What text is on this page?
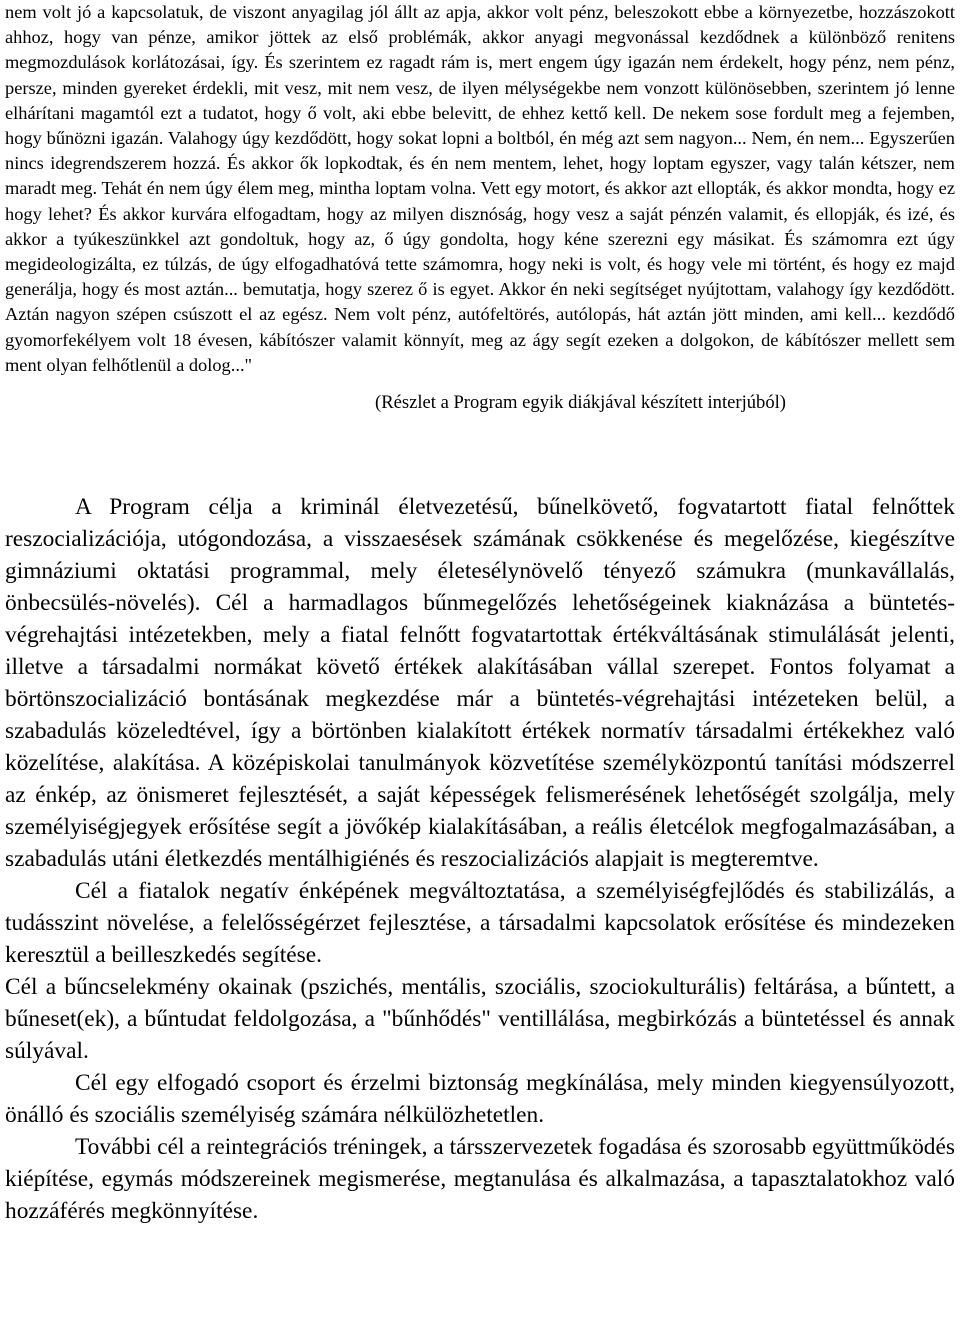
nem volt jó a kapcsolatuk, de viszont anyagilag jól állt az apja, akkor volt pénz, beleszokott ebbe a környezetbe, hozzászokott ahhoz, hogy van pénze, amikor jöttek az első problémák, akkor anyagi megvonással kezdődnek a különböző renitens megmozdulások korlátozásai, így. És szerintem ez ragadt rám is, mert engem úgy igazán nem érdekelt, hogy pénz, nem pénz, persze, minden gyereket érdekli, mit vesz, mit nem vesz, de ilyen mélységekbe nem vonzott különösebben, szerintem jó lenne elhárítani magamtól ezt a tudatot, hogy ő volt, aki ebbe belevitt, de ehhez kettő kell. De nekem sose fordult meg a fejemben, hogy bűnözni igazán. Valahogy úgy kezdődött, hogy sokat lopni a boltból, én még azt sem nagyon... Nem, én nem... Egyszerűen nincs idegrendszerem hozzá. És akkor ők lopkodtak, és én nem mentem, lehet, hogy loptam egyszer, vagy talán kétszer, nem maradt meg. Tehát én nem úgy élem meg, mintha loptam volna. Vett egy motort, és akkor azt ellopták, és akkor mondta, hogy ez hogy lehet? És akkor kurvára elfogadtam, hogy az milyen disznóság, hogy vesz a saját pénzén valamit, és ellopják, és izé, és akkor a tyúkeszünkkel azt gondoltuk, hogy az, ő úgy gondolta, hogy kéne szerezni egy másikat. És számomra ezt úgy megideologizálta, ez túlzás, de úgy elfogadhatóvá tette számomra, hogy neki is volt, és hogy vele mi történt, és hogy ez majd generálja, hogy és most aztán... bemutatja, hogy szerez ő is egyet. Akkor én neki segítséget nyújtottam, valahogy így kezdődött. Aztán nagyon szépen csúszott el az egész. Nem volt pénz, autófeltörés, autólopás, hát aztán jött minden, ami kell... kezdődő gyomorfekélyem volt 18 évesen, kábítószer valamit könnyít, meg az ágy segít ezeken a dolgokon, de kábítószer mellett sem ment olyan felhőtlenül a dolog..."

(Részlet a Program egyik diákjával készített interjúból)

A Program célja a kriminál életvezetésű, bűnelkövető, fogvatartott fiatal felnőttek reszocializációja, utógondozása, a visszaesések számának csökkenése és megelőzése, kiegészítve gimnáziumi oktatási programmal, mely életesélynövelő tényező számukra (munkavállalás, önbecsülés-növelés). Cél a harmadlagos bűnmegelőzés lehetőségeinek kiaknázása a büntetés-végrehajtási intézetekben, mely a fiatal felnőtt fogvatartottak értékváltásának stimulálását jelenti, illetve a társadalmi normákat követő értékek alakításában vállal szerepet. Fontos folyamat a börtönszocializáció bontásának megkezdése már a büntetés-végrehajtási intézeteken belül, a szabadulás közeledtével, így a börtönben kialakított értékek normatív társadalmi értékekhez való közelítése, alakítása. A középiskolai tanulmányok közvetítése személyközpontú tanítási módszerrel az énkép, az önismeret fejlesztését, a saját képességek felismerésének lehetőségét szolgálja, mely személyiségjegyek erősítése segít a jövőkép kialakításában, a reális életcélok megfogalmazásában, a szabadulás utáni életkezdés mentálhigiénés és reszocializációs alapjait is megteremtve.

Cél a fiatalok negatív énképének megváltoztatása, a személyiségfejlődés és stabilizálás, a tudásszint növelése, a felelősségérzet fejlesztése, a társadalmi kapcsolatok erősítése és mindezeken keresztül a beilleszkedés segítése.

Cél a bűncselekmény okainak (pszichés, mentális, szociális, szociokulturális) feltárása, a bűntett, a bűneset(ek), a bűntudat feldolgozása, a "bűnhődés" ventillálása, megbirkózás a büntetéssel és annak súlyával.

Cél egy elfogadó csoport és érzelmi biztonság megkínálása, mely minden kiegyensúlyozott, önálló és szociális személyiség számára nélkülözhetetlen.

További cél a reintegrációs tréningek, a társszervezetek fogadása és szorosabb együttműködés kiépítése, egymás módszereinek megismerése, megtanulása és alkalmazása, a tapasztalatokhoz való hozzáférés megkönnyítése.
